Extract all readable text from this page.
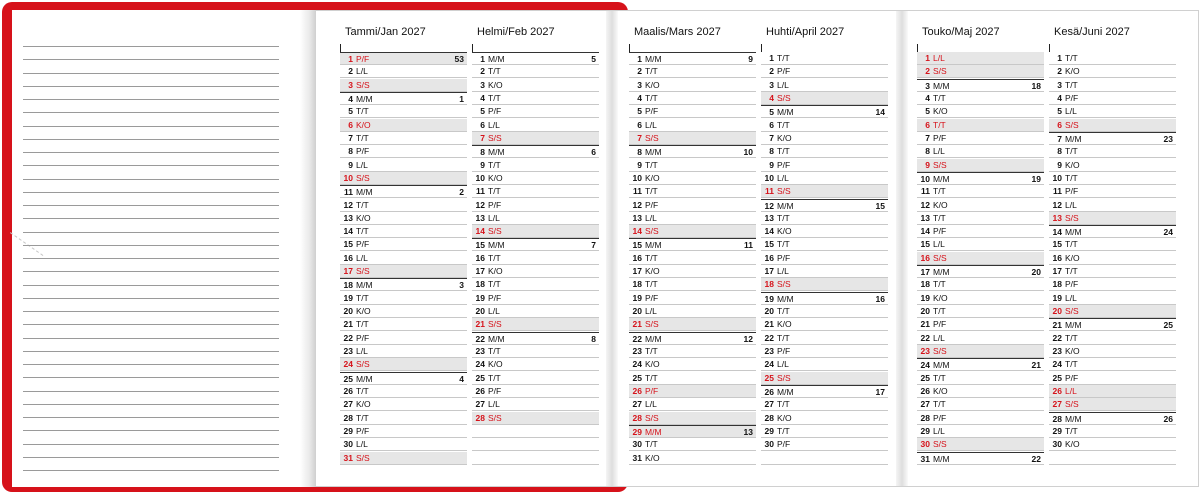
Tammi/Jan 2027
1 P/F	53
2 L/L
3 S/S
4 M/M	1
5 T/T
6 K/O
7 T/T
8 P/F
9 L/L
10 S/S
11 M/M	2
12 T/T
13 K/O
14 T/T
15 P/F
16 L/L
17 S/S
18 M/M	3
19 T/T
20 K/O
21 T/T
22 P/F
23 L/L
24 S/S
25 M/M	4
26 T/T
27 K/O
28 T/T
29 P/F
30 L/L
31 S/S
Helmi/Feb 2027
1 M/M	5
2 T/T
3 K/O
4 T/T
5 P/F
6 L/L
7 S/S
8 M/M	6
9 T/T
10 K/O
11 T/T
12 P/F
13 L/L
14 S/S
15 M/M	7
16 T/T
17 K/O
18 T/T
19 P/F
20 L/L
21 S/S
22 M/M	8
23 T/T
24 K/O
25 T/T
26 P/F
27 L/L
28 S/S
Maalis/Mars 2027
1 M/M	9
2 T/T
3 K/O
4 T/T
5 P/F
6 L/L
7 S/S
8 M/M	10
9 T/T
10 K/O
11 T/T
12 P/F
13 L/L
14 S/S
15 M/M	11
16 T/T
17 K/O
18 T/T
19 P/F
20 L/L
21 S/S
22 M/M	12
23 T/T
24 K/O
25 T/T
26 P/F
27 L/L
28 S/S
29 M/M	13
30 T/T
31 K/O
Huhti/April 2027
1 T/T
2 P/F
3 L/L
4 S/S
5 M/M	14
6 T/T
7 K/O
8 T/T
9 P/F
10 L/L
11 S/S
12 M/M	15
13 T/T
14 K/O
15 T/T
16 P/F
17 L/L
18 S/S
19 M/M	16
20 T/T
21 K/O
22 T/T
23 P/F
24 L/L
25 S/S
26 M/M	17
27 T/T
28 K/O
29 T/T
30 P/F
Touko/Maj 2027
1 L/L
2 S/S
3 M/M	18
4 T/T
5 K/O
6 T/T
7 P/F
8 L/L
9 S/S
10 M/M	19
11 T/T
12 K/O
13 T/T
14 P/F
15 L/L
16 S/S
17 M/M	20
18 T/T
19 K/O
20 T/T
21 P/F
22 L/L
23 S/S
24 M/M	21
25 T/T
26 K/O
27 T/T
28 P/F
29 L/L
30 S/S
31 M/M	22
Kesä/Juni 2027
1 T/T
2 K/O
3 T/T
4 P/F
5 L/L
6 S/S
7 M/M	23
8 T/T
9 K/O
10 T/T
11 P/F
12 L/L
13 S/S
14 M/M	24
15 T/T
16 K/O
17 T/T
18 P/F
19 L/L
20 S/S
21 M/M	25
22 T/T
23 K/O
24 T/T
25 P/F
26 L/L
27 S/S
28 M/M	26
29 T/T
30 K/O
